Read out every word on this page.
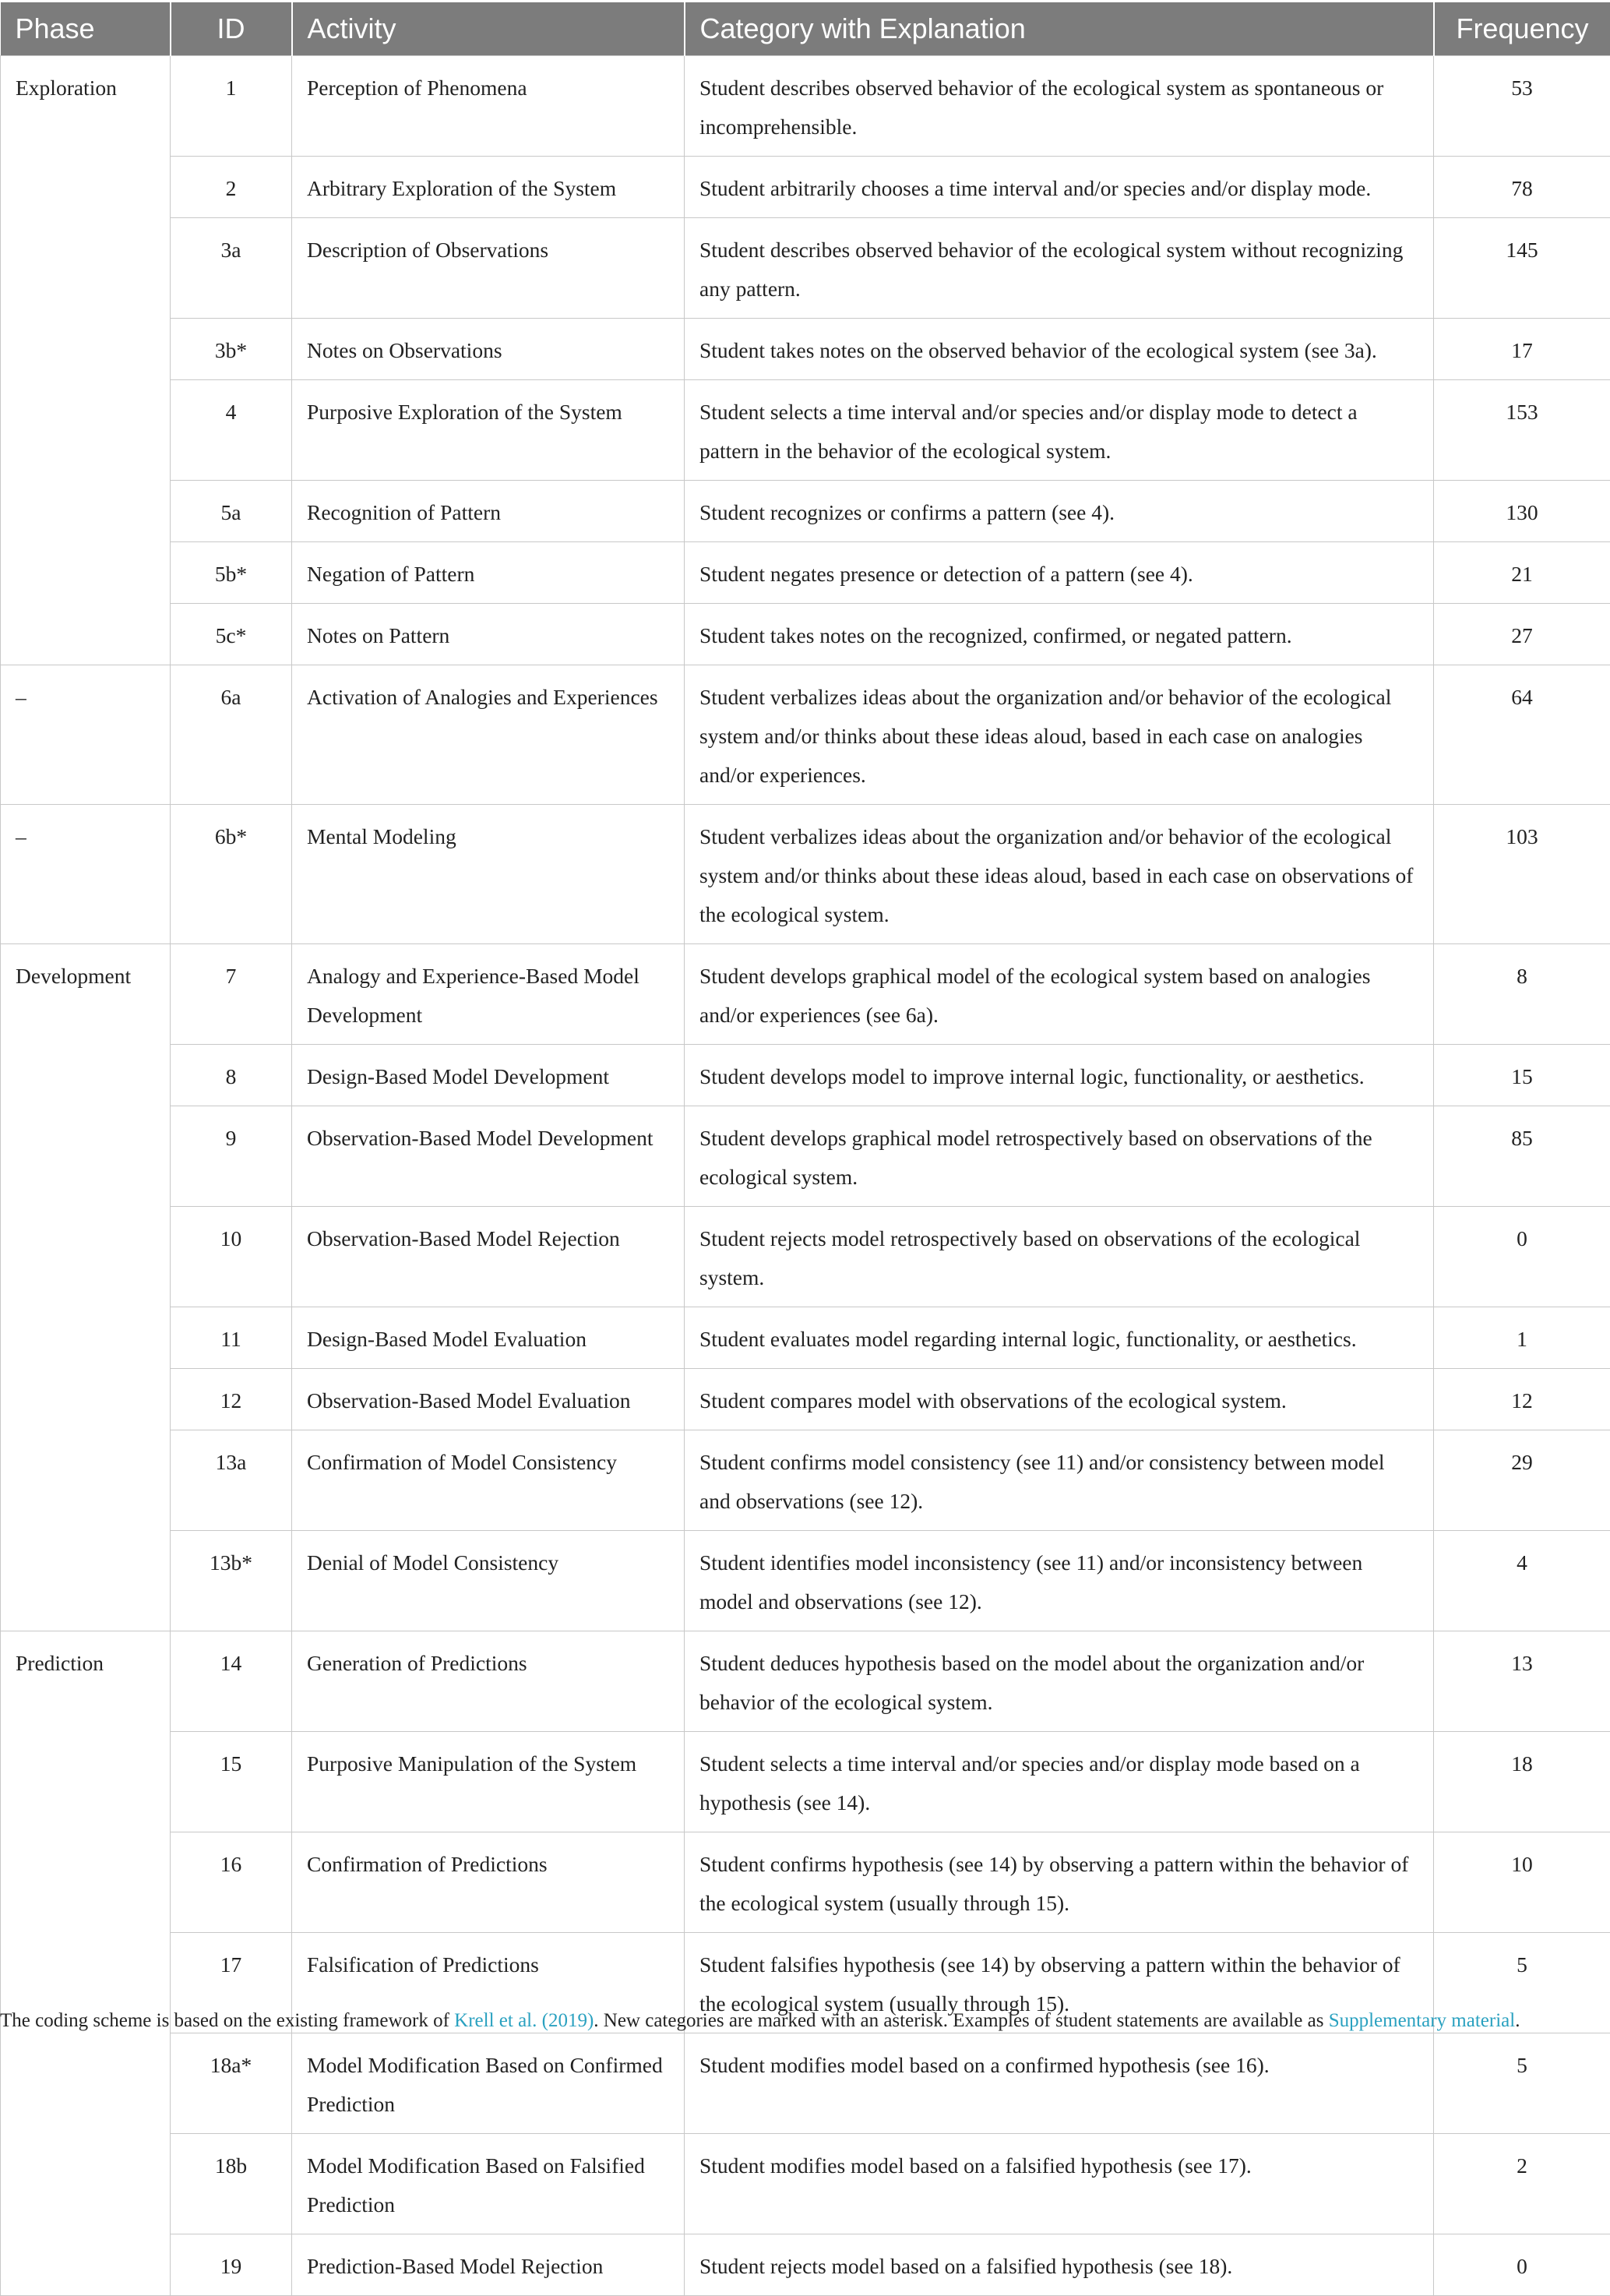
Phase	ID	Activity	Category with Explanation	Frequency
Exploration	1	Perception of Phenomena	Student describes observed behavior of the ecological system as spontaneous or incomprehensible.	53
	2	Arbitrary Exploration of the System	Student arbitrarily chooses a time interval and/or species and/or display mode.	78
	3a	Description of Observations	Student describes observed behavior of the ecological system without recognizing any pattern.	145
	3b*	Notes on Observations	Student takes notes on the observed behavior of the ecological system (see 3a).	17
	4	Purposive Exploration of the System	Student selects a time interval and/or species and/or display mode to detect a pattern in the behavior of the ecological system.	153
	5a	Recognition of Pattern	Student recognizes or confirms a pattern (see 4).	130
	5b*	Negation of Pattern	Student negates presence or detection of a pattern (see 4).	21
	5c*	Notes on Pattern	Student takes notes on the recognized, confirmed, or negated pattern.	27
–	6a	Activation of Analogies and Experiences	Student verbalizes ideas about the organization and/or behavior of the ecological system and/or thinks about these ideas aloud, based in each case on analogies and/or experiences.	64
–	6b*	Mental Modeling	Student verbalizes ideas about the organization and/or behavior of the ecological system and/or thinks about these ideas aloud, based in each case on observations of the ecological system.	103
Development	7	Analogy and Experience-Based Model Development	Student develops graphical model of the ecological system based on analogies and/or experiences (see 6a).	8
	8	Design-Based Model Development	Student develops model to improve internal logic, functionality, or aesthetics.	15
	9	Observation-Based Model Development	Student develops graphical model retrospectively based on observations of the ecological system.	85
	10	Observation-Based Model Rejection	Student rejects model retrospectively based on observations of the ecological system.	0
	11	Design-Based Model Evaluation	Student evaluates model regarding internal logic, functionality, or aesthetics.	1
	12	Observation-Based Model Evaluation	Student compares model with observations of the ecological system.	12
	13a	Confirmation of Model Consistency	Student confirms model consistency (see 11) and/or consistency between model and observations (see 12).	29
	13b*	Denial of Model Consistency	Student identifies model inconsistency (see 11) and/or inconsistency between model and observations (see 12).	4
Prediction	14	Generation of Predictions	Student deduces hypothesis based on the model about the organization and/or behavior of the ecological system.	13
	15	Purposive Manipulation of the System	Student selects a time interval and/or species and/or display mode based on a hypothesis (see 14).	18
	16	Confirmation of Predictions	Student confirms hypothesis (see 14) by observing a pattern within the behavior of the ecological system (usually through 15).	10
	17	Falsification of Predictions	Student falsifies hypothesis (see 14) by observing a pattern within the behavior of the ecological system (usually through 15).	5
	18a*	Model Modification Based on Confirmed Prediction	Student modifies model based on a confirmed hypothesis (see 16).	5
	18b	Model Modification Based on Falsified Prediction	Student modifies model based on a falsified hypothesis (see 17).	2
	19	Prediction-Based Model Rejection	Student rejects model based on a falsified hypothesis (see 18).	0
The coding scheme is based on the existing framework of Krell et al. (2019). New categories are marked with an asterisk. Examples of student statements are available as Supplementary material.
